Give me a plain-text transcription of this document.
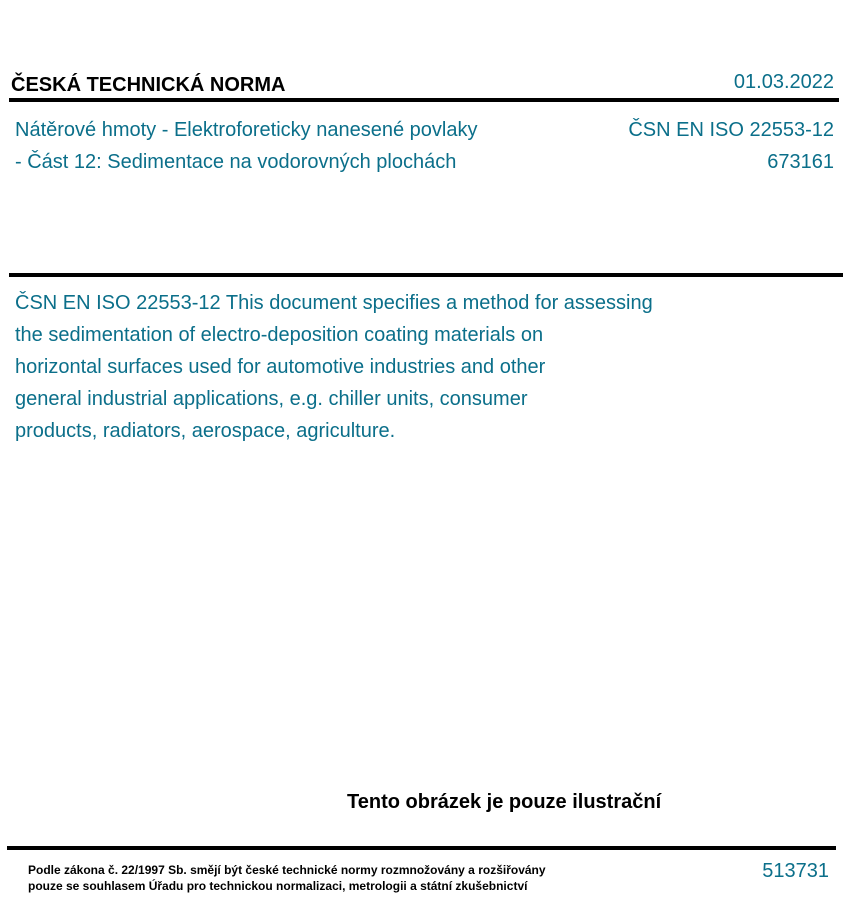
ČESKÁ TECHNICKÁ NORMA	01.03.2022
Nátěrové hmoty - Elektroforeticky nanesené povlaky
- Část 12: Sedimentace na vodorovných plochách
ČSN EN ISO 22553-12
673161
ČSN EN ISO 22553-12 This document specifies a method for assessing
the sedimentation of electro-deposition coating materials on
horizontal surfaces used for automotive industries and other
general industrial applications, e.g. chiller units, consumer
products, radiators, aerospace, agriculture.
Tento obrázek je pouze ilustrační
Podle zákona č. 22/1997 Sb. smějí být české technické normy rozmnožovány a rozšiřovány
pouze se souhlasem Úřadu pro technickou normalizaci, metrologii a státní zkušebnictví
513731
